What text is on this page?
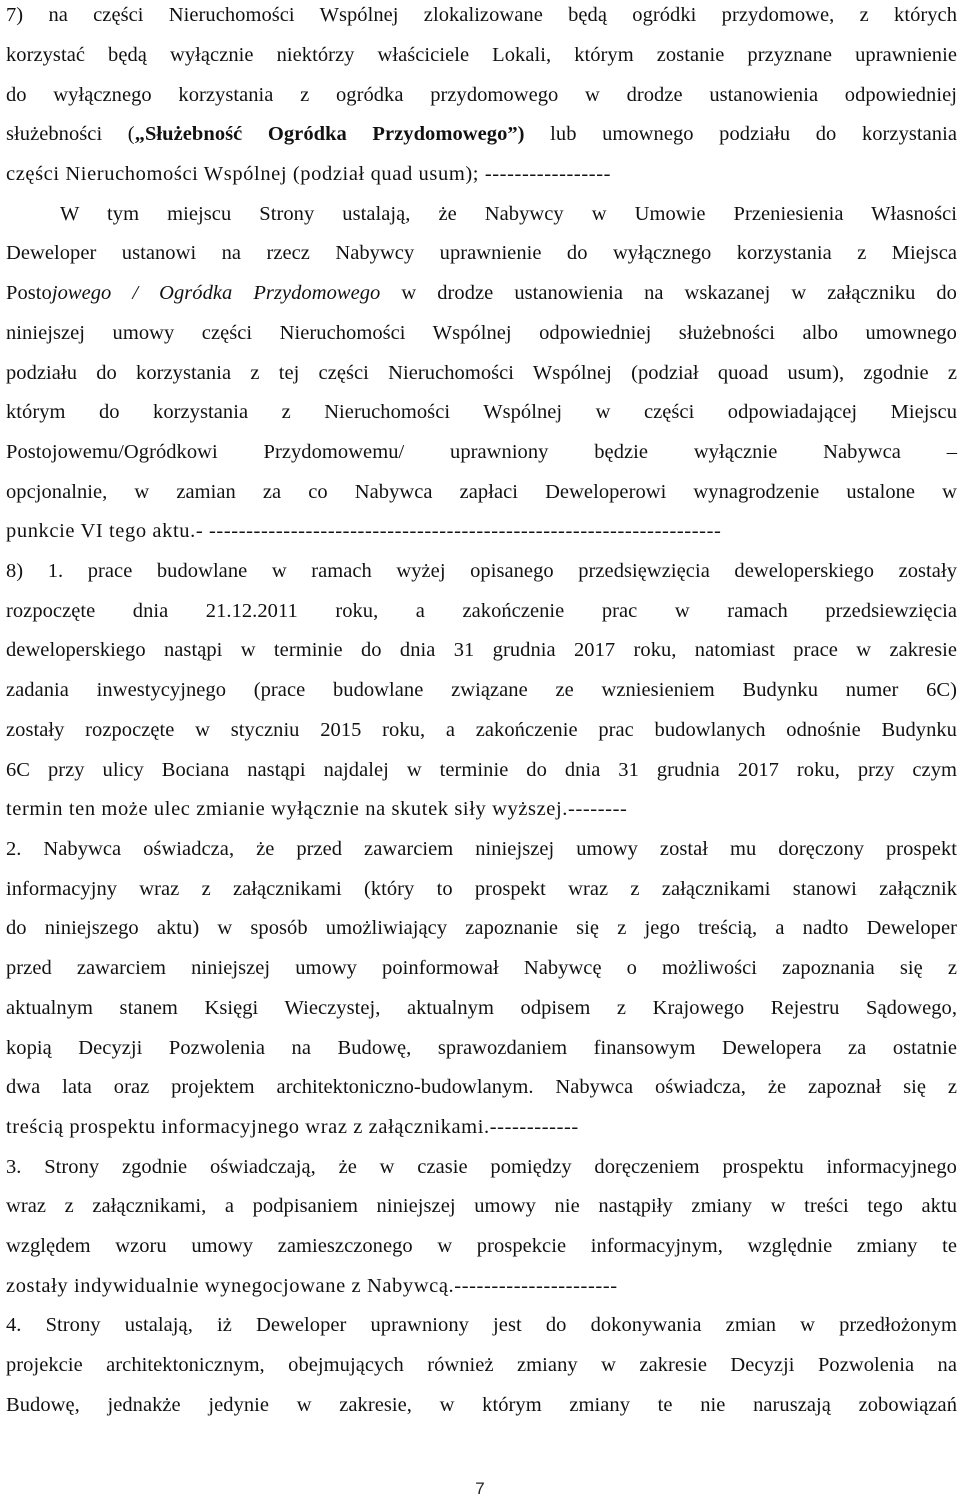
7) na części Nieruchomości Wspólnej zlokalizowane będą ogródki przydomowe, z których
korzystać będą wyłącznie niektórzy właściciele Lokali, którym zostanie przyznane uprawnienie
do wyłącznego korzystania z ogródka przydomowego w drodze ustanowienia odpowiedniej
służebności („Służebność Ogródka Przydomowego”) lub umownego podziału do korzystania
części Nieruchomości Wspólnej (podział quad usum); -----------------
W tym miejscu Strony ustalają, że Nabywcy w Umowie Przeniesienia Własności
Deweloper ustanowi na rzecz Nabywcy uprawnienie do wyłącznego korzystania z Miejsca
Postojowego / Ogródka Przydomowego w drodze ustanowienia na wskazanej w załączniku do
niniejszej umowy części Nieruchomości Wspólnej odpowiedniej służebności albo umownego
podziału do korzystania z tej części Nieruchomości Wspólnej (podział quoad usum), zgodnie z
którym do korzystania z Nieruchomości Wspólnej w części odpowiadającej Miejscu
Postojowemu/Ogródkowi Przydomowemu/ uprawniony będzie wyłącznie Nabywca –
opcjonalnie, w zamian za co Nabywca zapłaci Deweloperowi wynagrodzenie ustalone w
punkcie VI tego aktu.- ---------------------------------------------------------------------
8) 1. prace budowlane w ramach wyżej opisanego przedsięwzięcia deweloperskiego zostały
rozpoczęte dnia 21.12.2011 roku, a zakończenie prac w ramach przedsiewzięcia
deweloperskiego nastąpi w terminie do dnia 31 grudnia 2017 roku, natomiast prace w zakresie
zadania inwestycyjnego (prace budowlane związane ze wzniesieniem Budynku numer 6C)
zostały rozpoczęte w styczniu 2015 roku, a zakończenie prac budowlanych odnośnie Budynku
6C przy ulicy Bociana nastąpi najdalej w terminie do dnia 31 grudnia 2017 roku, przy czym
termin ten może ulec zmianie wyłącznie na skutek siły wyższej.--------
2. Nabywca oświadcza, że przed zawarciem niniejszej umowy został mu doręczony prospekt
informacyjny wraz z załącznikami (który to prospekt wraz z załącznikami stanowi załącznik
do niniejszego aktu) w sposób umożliwiający zapoznanie się z jego treścią, a nadto Deweloper
przed zawarciem niniejszej umowy poinformował Nabywcę o możliwości zapoznania się z
aktualnym stanem Księgi Wieczystej, aktualnym odpisem z Krajowego Rejestru Sądowego,
kopią Decyzji Pozwolenia na Budowę, sprawozdaniem finansowym Dewelopera za ostatnie
dwa lata oraz projektem architektoniczno-budowlanym. Nabywca oświadcza, że zapoznał się z
treścią prospektu informacyjnego wraz z załącznikami.------------
3. Strony zgodnie oświadczają, że w czasie pomiędzy doręczeniem prospektu informacyjnego
wraz z załącznikami, a podpisaniem niniejszej umowy nie nastąpiły zmiany w treści tego aktu
względem wzoru umowy zamieszczonego w prospekcie informacyjnym, względnie zmiany te
zostały indywidualnie wynegocjowane z Nabywcą.----------------------
4. Strony ustalają, iż Deweloper uprawniony jest do dokonywania zmian w przedłożonym
projekcie architektonicznym, obejmujących również zmiany w zakresie Decyzji Pozwolenia na
Budowę, jednakże jedynie w zakresie, w którym zmiany te nie naruszają zobowiązań
7
